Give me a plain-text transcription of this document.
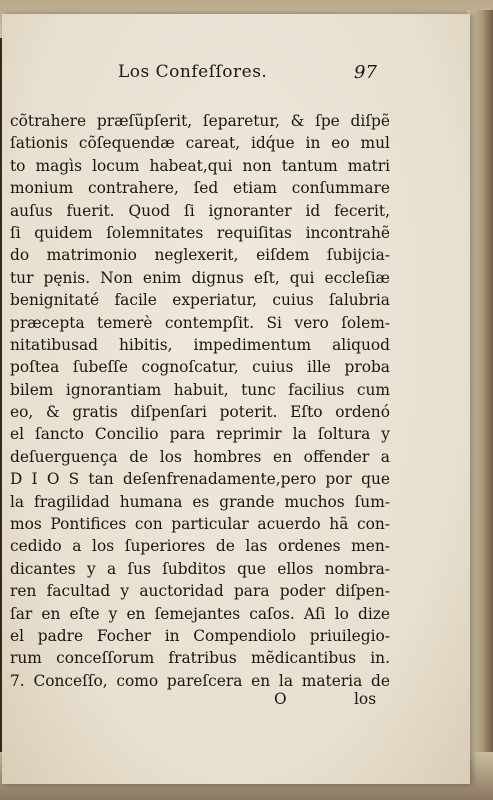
Los Confeſſores.	97
cõtrahere præſũpſerit, ſeparetur, & ſpe diſpẽ
ſationis cõſequendæ careat, idq́ue in eo mul
to magìs locum habeat,qui non tantum matri
monium contrahere, ſed etiam conſummare
auſus fuerit. Quod ſi ignoranter id fecerit,
ſi quidem ſolemnitates requiſitas incontrahẽ
do matrimonio neglexerit, eiſdem ſubijcia-
tur pęnis. Non enim dignus eſt, qui eccleſiæ
benignitaté facile experiatur, cuius ſalubria
præcepta temerè contempſit. Si vero ſolem-
nitatibusad hibitis, impedimentum aliquod
poſtea ſubeſſe cognoſcatur, cuius ille proba
bilem ignorantiam habuit, tunc facilius cum
eo, & gratis diſpenſari poterit. Eſto ordenó
el ſancto Concilio para reprimir la ſoltura y
deſuerguença de los hombres en offender a
D I O S tan deſenfrenadamente,pero por que
la fragilidad humana es grande muchos ſum-
mos Pontifices con particular acuerdo hã con-
cedido a los ſuperiores de las ordenes men-
dicantes y a ſus ſubditos que ellos nombra-
ren facultad y auctoridad para poder diſpen-
ſar en eſte y en ſemejantes caſos. Aſi lo dize
el padre Focher in Compendiolo priuilegio-
rum conceſſorum fratribus mẽdicantibus in.
7. Conceſſo, como pareſcera en la materia de
O	los
